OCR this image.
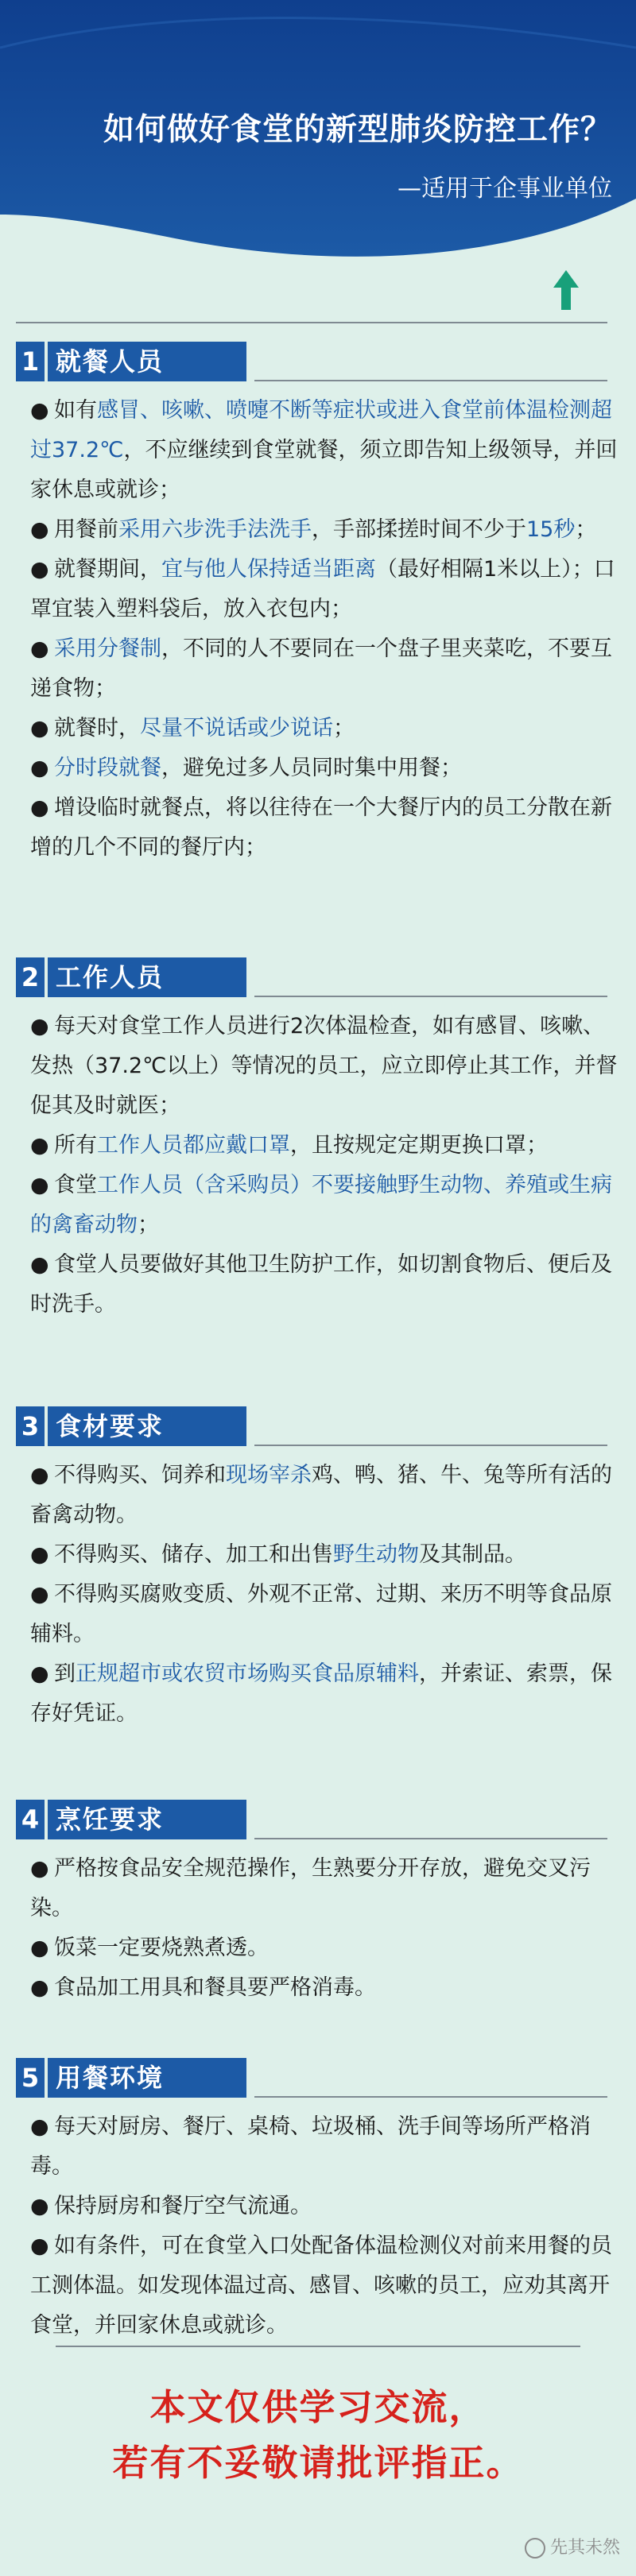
如何做好食堂的新型肺炎防控工作？
—适用于企事业单位
1 就餐人员

● 如有感冒、咳嗽、喷嚏不断等症状或进入食堂前体温检测超过37.2℃，不应继续到食堂就餐，须立即告知上级领导，并回家休息或就诊；

● 用餐前采用六步洗手法洗手，手部揉搓时间不少于15秒；

● 就餐期间，宜与他人保持适当距离（最好相隔1米以上）；口罩宜装入塑料袋后，放入衣包内；

● 采用分餐制，不同的人不要同在一个盘子里夹菜吃，不要互递食物；

● 就餐时，尽量不说话或少说话；

● 分时段就餐，避免过多人员同时集中用餐；

● 增设临时就餐点，将以往待在一个大餐厅内的员工分散在新增的几个不同的餐厅内；

2 工作人员

● 每天对食堂工作人员进行2次体温检查，如有感冒、咳嗽、发热（37.2℃以上）等情况的员工，应立即停止其工作，并督促其及时就医；

● 所有工作人员都应戴口罩，且按规定定期更换口罩；

● 食堂工作人员（含采购员）不要接触野生动物、养殖或生病的禽畜动物；

● 食堂人员要做好其他卫生防护工作，如切割食物后、便后及时洗手。

3 食材要求

● 不得购买、饲养和现场宰杀鸡、鸭、猪、牛、兔等所有活的畜禽动物。

● 不得购买、储存、加工和出售野生动物及其制品。

● 不得购买腐败变质、外观不正常、过期、来历不明等食品原辅料。

● 到正规超市或农贸市场购买食品原辅料，并索证、索票，保存好凭证。

4 烹饪要求

● 严格按食品安全规范操作，生熟要分开存放，避免交叉污染。

● 饭菜一定要烧熟煮透。

● 食品加工用具和餐具要严格消毒。

5 用餐环境

● 每天对厨房、餐厅、桌椅、垃圾桶、洗手间等场所严格消毒。

● 保持厨房和餐厅空气流通。

● 如有条件，可在食堂入口处配备体温检测仪对前来用餐的员工测体温。如发现体温过高、感冒、咳嗽的员工，应劝其离开食堂，并回家休息或就诊。

本文仅供学习交流，
若有不妥敬请批评指正。
先其未然
